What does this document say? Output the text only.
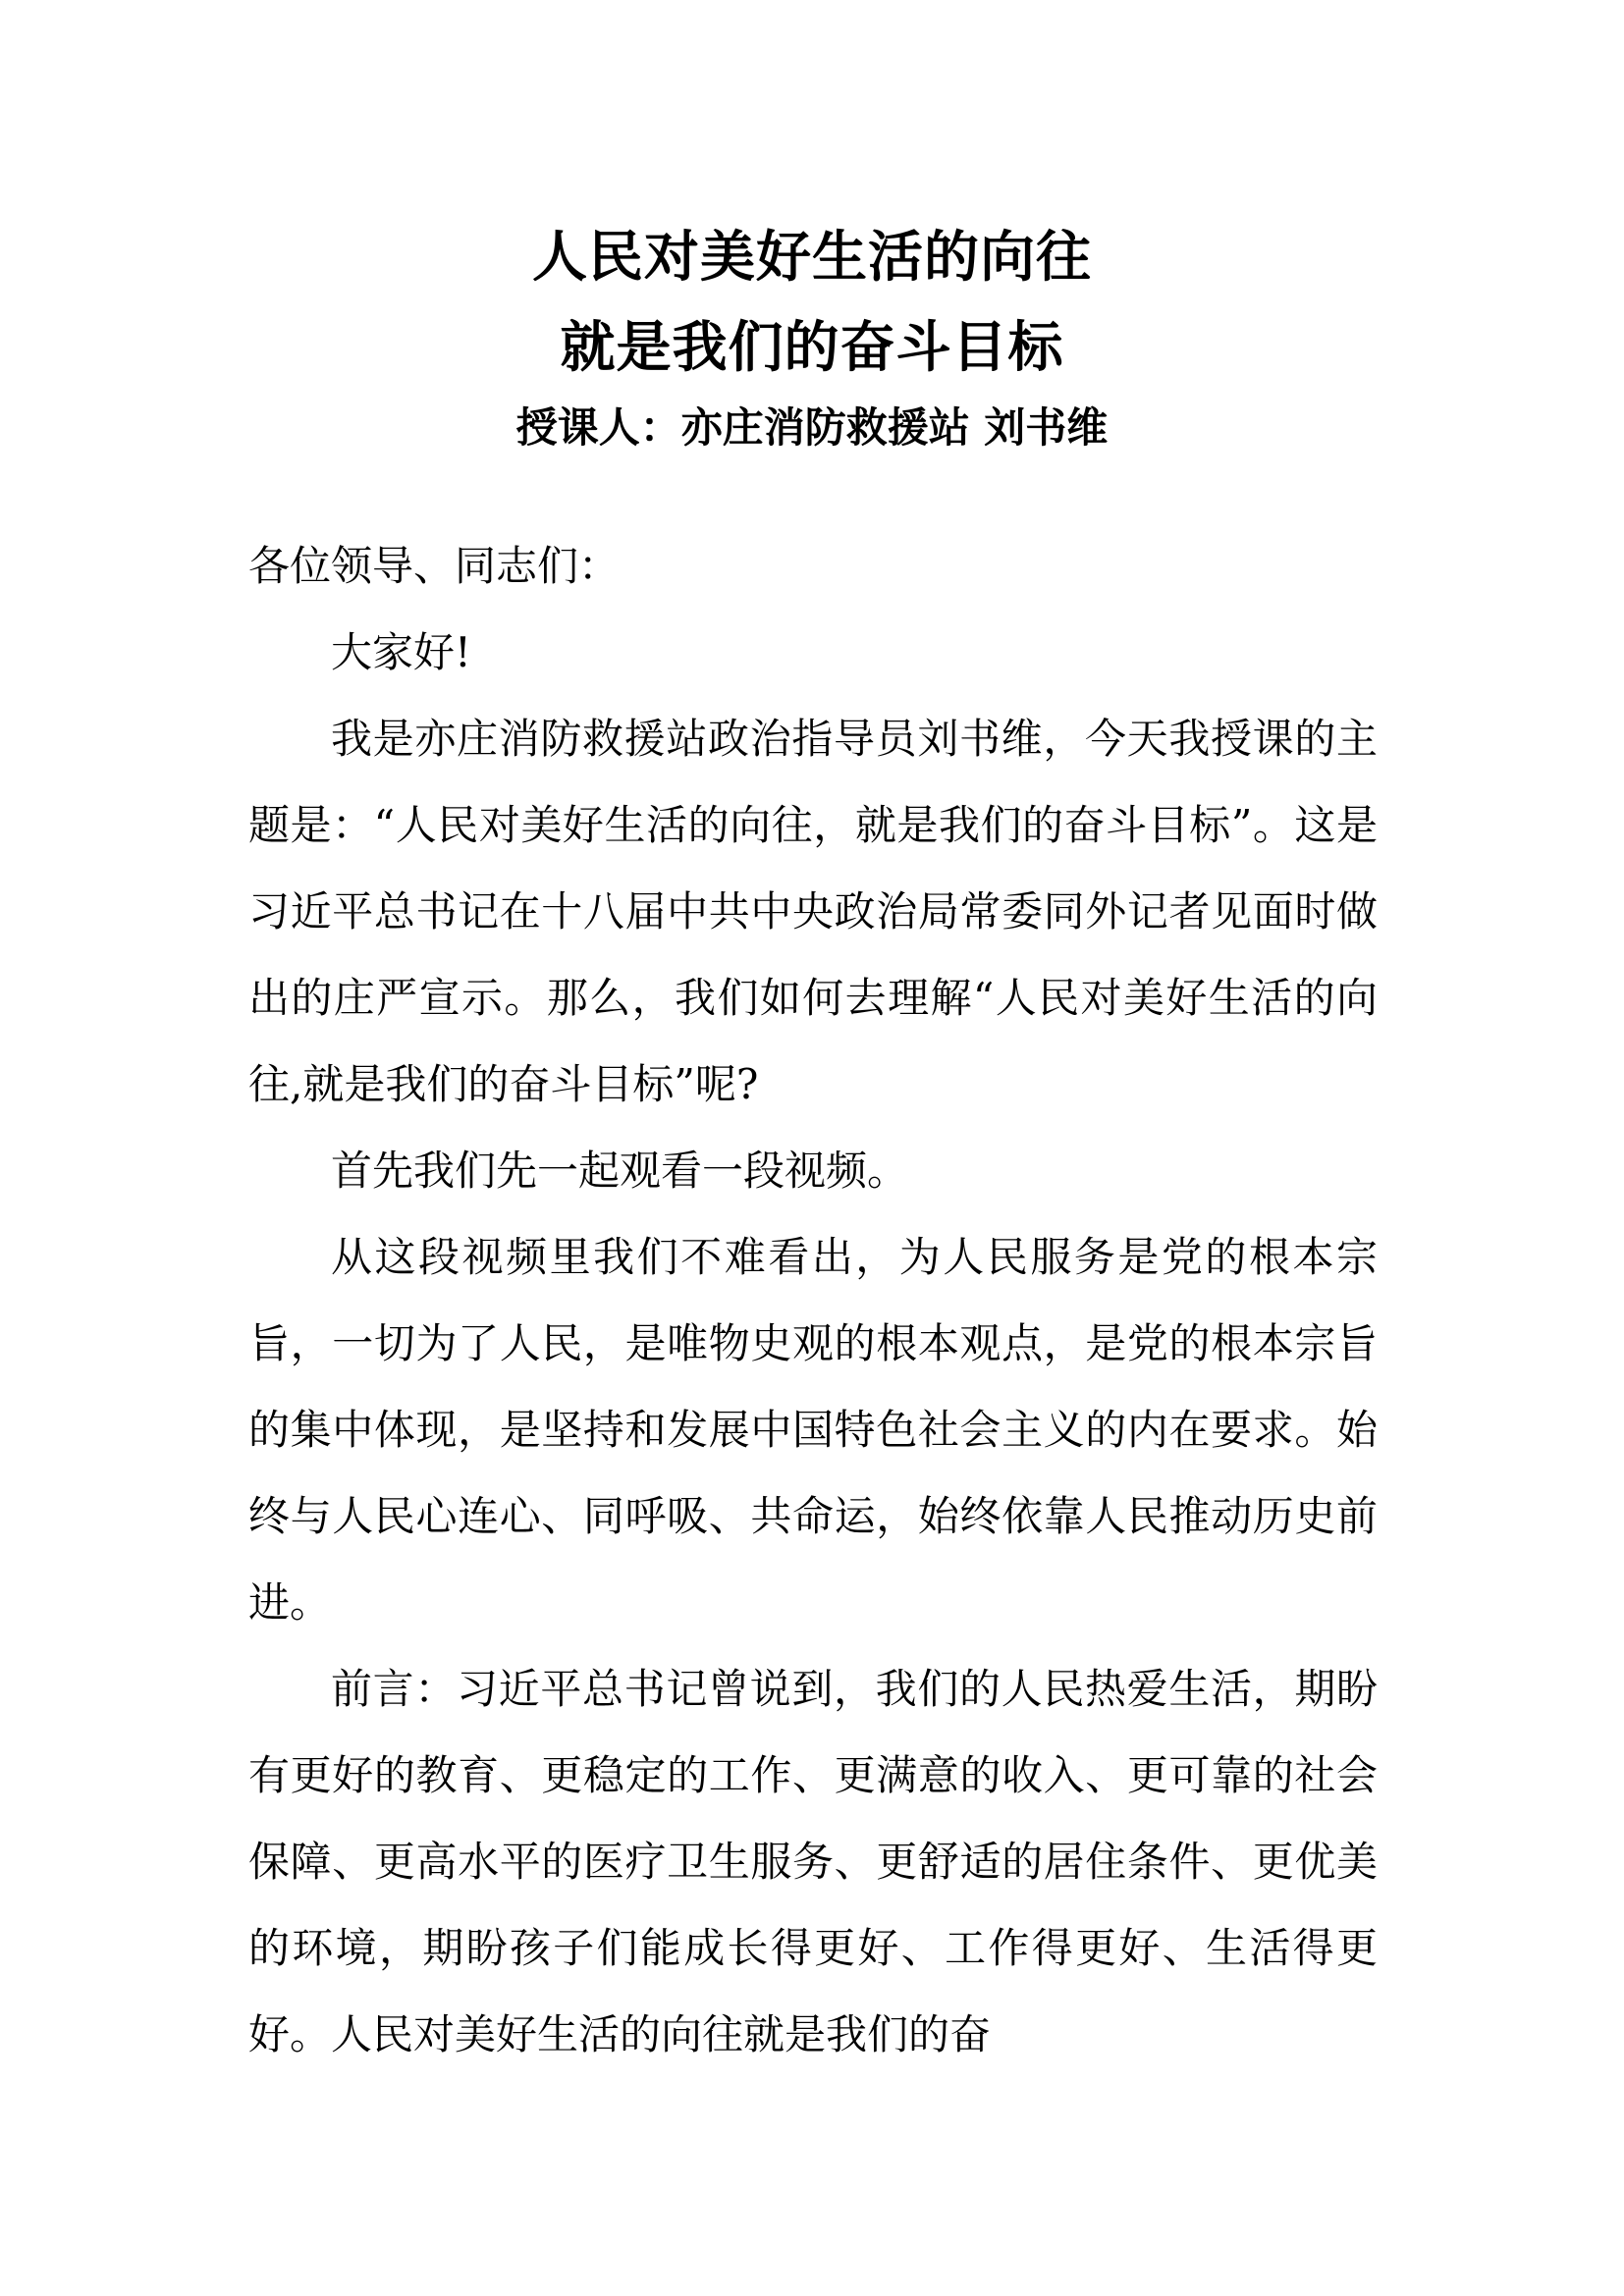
人民对美好生活的向往
就是我们的奋斗目标
授课人：亦庄消防救援站 刘书维

各位领导、同志们：

大家好!

我是亦庄消防救援站政治指导员刘书维，今天我授课的主题是：“人民对美好生活的向往，就是我们的奋斗目标”。这是习近平总书记在十八届中共中央政治局常委同外记者见面时做出的庄严宣示。那么，我们如何去理解“人民对美好生活的向往,就是我们的奋斗目标”呢?

首先我们先一起观看一段视频。

从这段视频里我们不难看出，为人民服务是党的根本宗旨，一切为了人民，是唯物史观的根本观点，是党的根本宗旨的集中体现，是坚持和发展中国特色社会主义的内在要求。始终与人民心连心、同呼吸、共命运，始终依靠人民推动历史前进。

前言：习近平总书记曾说到，我们的人民热爱生活，期盼有更好的教育、更稳定的工作、更满意的收入、更可靠的社会保障、更高水平的医疗卫生服务、更舒适的居住条件、更优美的环境，期盼孩子们能成长得更好、工作得更好、生活得更好。人民对美好生活的向往就是我们的奋
